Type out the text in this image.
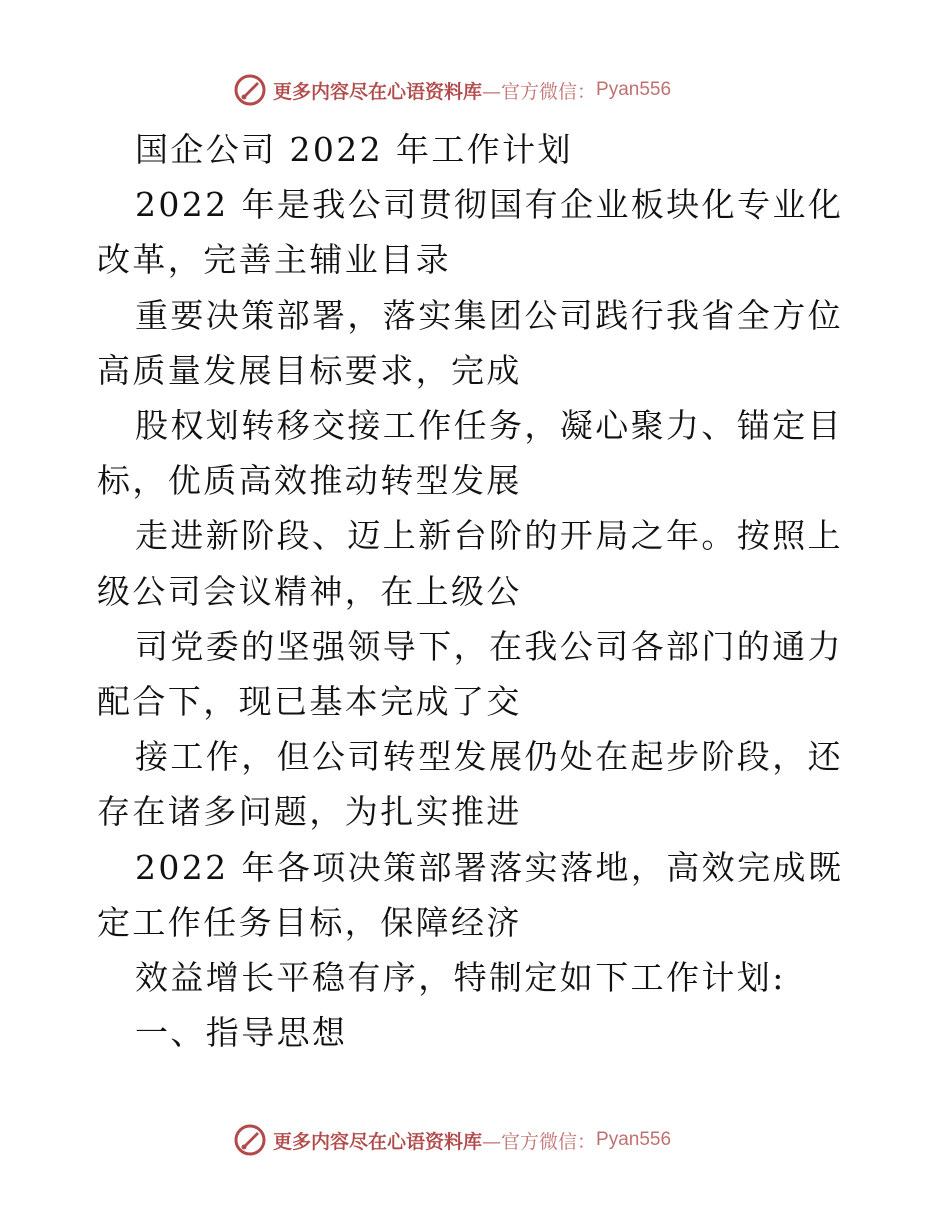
更多内容尽在心语资料库 —官方微信： Pyan556

国企公司 2022 年工作计划

2022 年是我公司贯彻国有企业板块化专业化改革，完善主辅业目录

重要决策部署，落实集团公司践行我省全方位高质量发展目标要求，完成

股权划转移交接工作任务，凝心聚力、锚定目标，优质高效推动转型发展

走进新阶段、迈上新台阶的开局之年。按照上级公司会议精神，在上级公

司党委的坚强领导下，在我公司各部门的通力配合下，现已基本完成了交

接工作，但公司转型发展仍处在起步阶段，还存在诸多问题，为扎实推进

2022 年各项决策部署落实落地，高效完成既定工作任务目标，保障经济

效益增长平稳有序，特制定如下工作计划:

一、指导思想

更多内容尽在心语资料库 —官方微信： Pyan556
